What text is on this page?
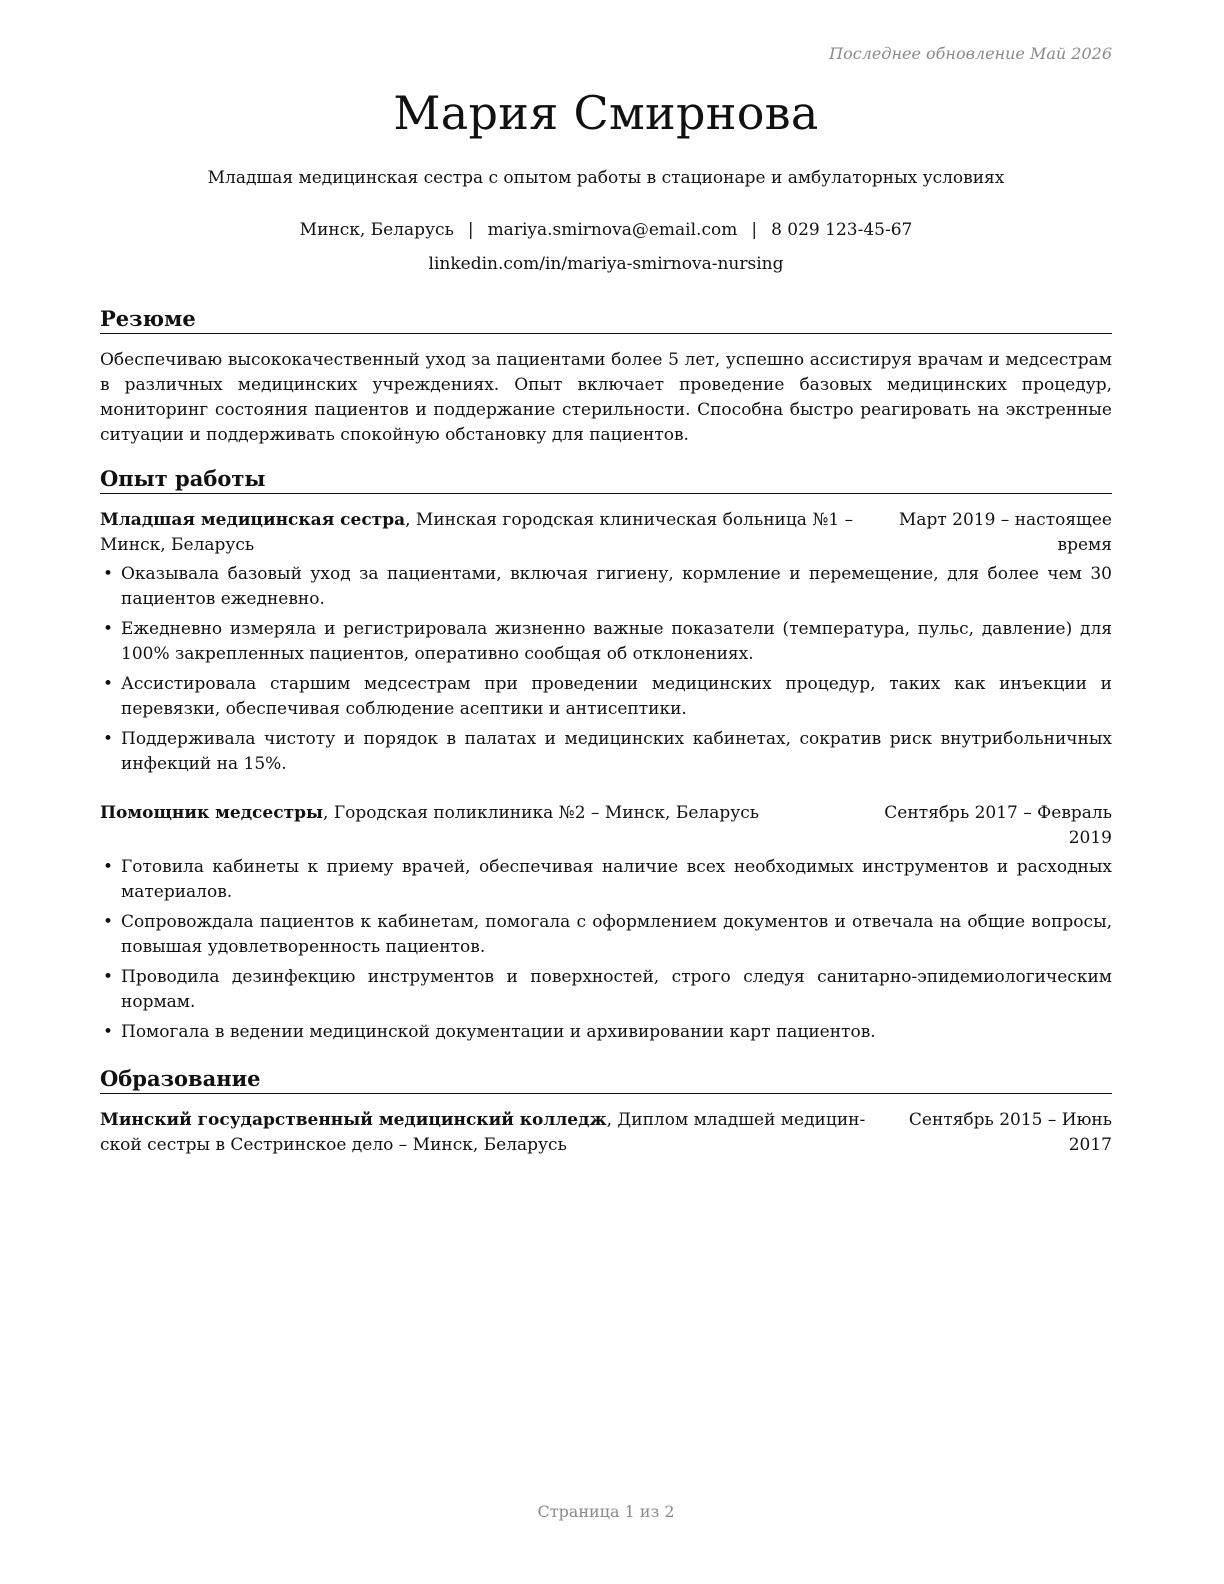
Последнее обновление Май 2026
Мария Смирнова
Младшая медицинская сестра с опытом работы в стационаре и амбулаторных условиях
Минск, Беларусь | mariya.smirnova@email.com | 8 029 123-45-67
linkedin.com/in/mariya-smirnova-nursing
Резюме
Обеспечиваю высококачественный уход за пациентами более 5 лет, успешно ассистируя врачам и медсестрам в различных медицинских учреждениях. Опыт включает проведение базовых медицинских процедур, мониторинг состояния пациентов и поддержание стерильности. Способна быстро реагировать на экстренные ситуации и поддерживать спокойную обстановку для пациентов.
Опыт работы
Младшая медицинская сестра, Минская городская клиническая больница №1 –
Минск, Беларусь
Март 2019 – настоящее
время
• Оказывала базовый уход за пациентами, включая гигиену, кормление и перемещение, для более чем 30 пациентов ежедневно.
• Ежедневно измеряла и регистрировала жизненно важные показатели (температура, пульс, давление) для 100% закрепленных пациентов, оперативно сообщая об отклонениях.
• Ассистировала старшим медсестрам при проведении медицинских процедур, таких как инъекции и перевязки, обеспечивая соблюдение асептики и антисептики.
• Поддерживала чистоту и порядок в палатах и медицинских кабинетах, сократив риск внутрибольничных инфекций на 15%.
Помощник медсестры, Городская поликлиника №2 – Минск, Беларусь	Сентябрь 2017 – Февраль
2019
• Готовила кабинеты к приему врачей, обеспечивая наличие всех необходимых инструментов и расходных материалов.
• Сопровождала пациентов к кабинетам, помогала с оформлением документов и отвечала на общие вопросы, повышая удовлетворенность пациентов.
• Проводила дезинфекцию инструментов и поверхностей, строго следуя санитарно-эпидемиологическим нормам.
• Помогала в ведении медицинской документации и архивировании карт пациентов.
Образование
Минский государственный медицинский колледж, Диплом младшей медицин-
ской сестры в Сестринское дело – Минск, Беларусь
Сентябрь 2015 – Июнь
2017
Страница 1 из 2
